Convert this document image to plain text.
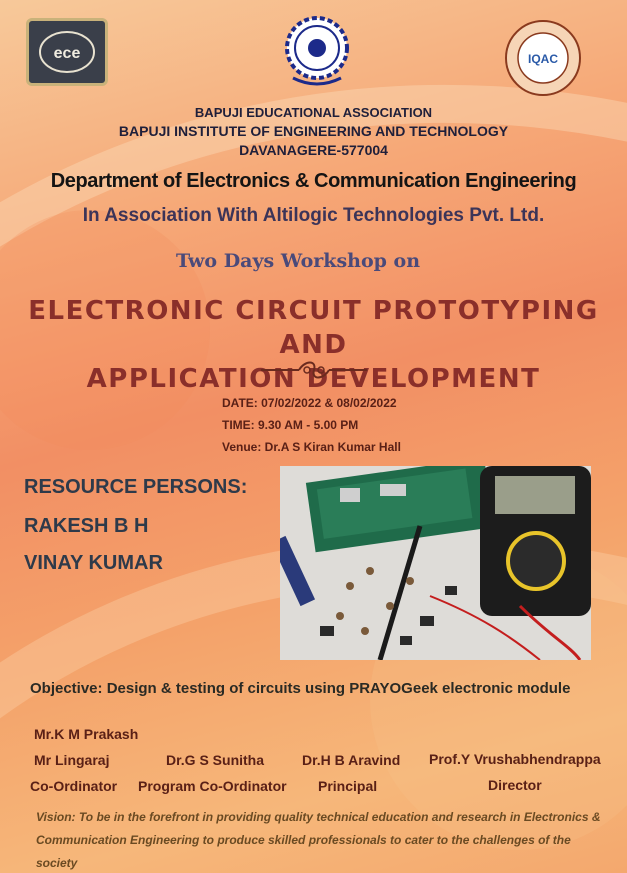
ece	IQAC
BAPUJI EDUCATIONAL ASSOCIATION
BAPUJI INSTITUTE OF ENGINEERING AND TECHNOLOGY
DAVANAGERE-577004
Department of Electronics & Communication Engineering
In Association With Altilogic Technologies Pvt. Ltd.
Two Days Workshop on
ELECTRONIC CIRCUIT PROTOTYPING AND
APPLICATION DEVELOPMENT
DATE: 07/02/2022 & 08/02/2022
TIME: 9.30 AM - 5.00 PM
Venue: Dr.A S Kiran Kumar Hall
RESOURCE PERSONS:
RAKESH B H
VINAY KUMAR
Objective: Design & testing of circuits using PRAYOGeek electronic module
Mr.K M Prakash
Mr Lingaraj
Co-Ordinator
Dr.G S Sunitha
Program Co-Ordinator
Dr.H B Aravind
Principal
Prof.Y Vrushabhendrappa
Director
Vision: To be in the forefront in providing quality technical education and research in Electronics & Communication Engineering to produce skilled professionals to cater to the challenges of the society
